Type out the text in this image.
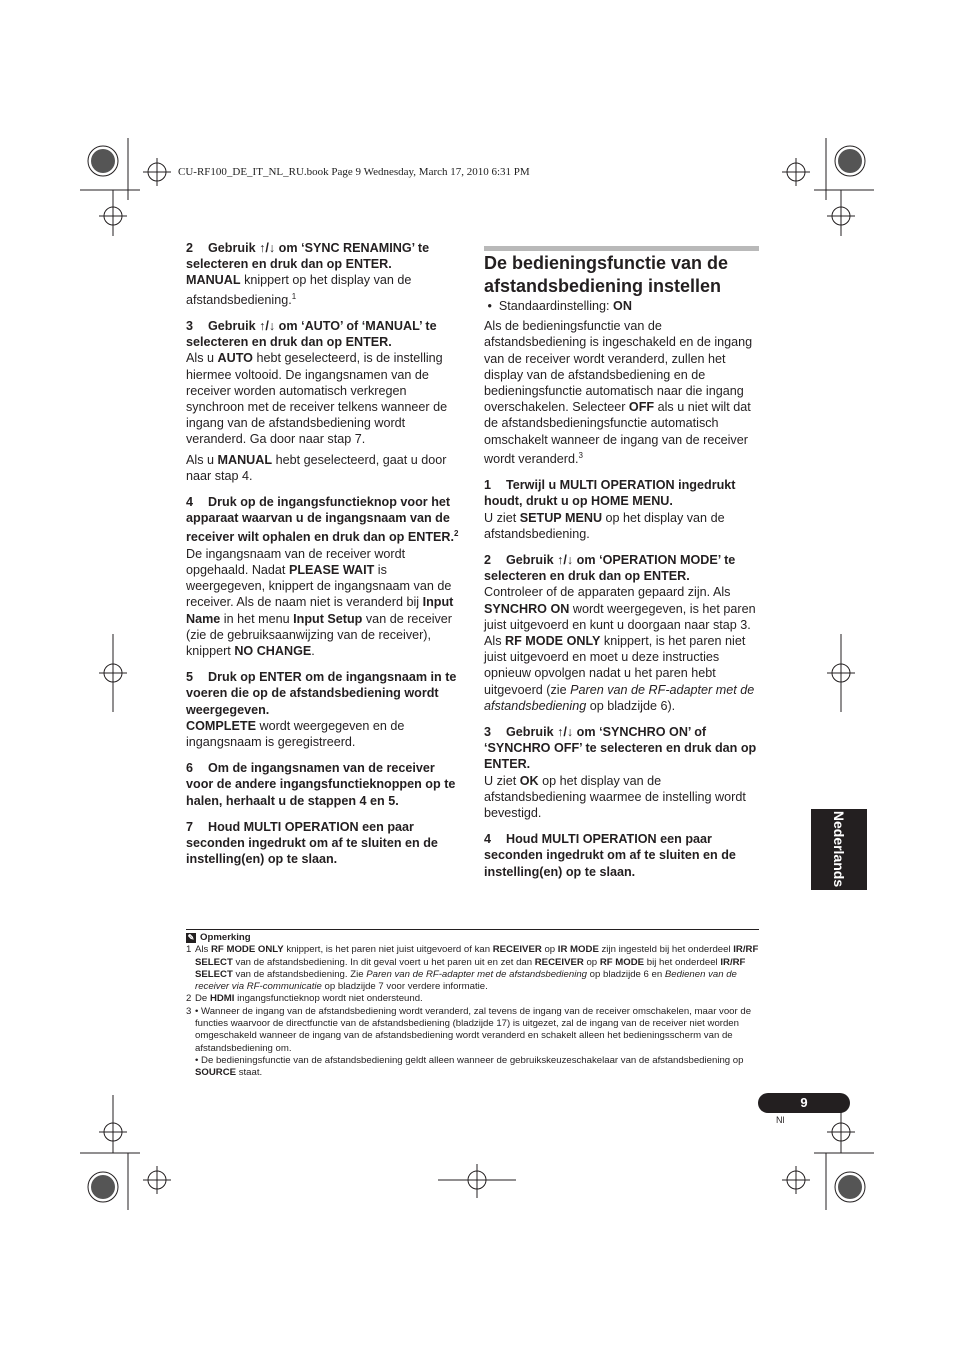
CU-RF100_DE_IT_NL_RU.book Page 9 Wednesday, March 17, 2010 6:31 PM

2 Gebruik ↑/↓ om ‘SYNC RENAMING’ te selecteren en druk dan op ENTER.

MANUAL knippert op het display van de afstandsbediening.$^1$

3 Gebruik ↑/↓ om ‘AUTO’ of ‘MANUAL’ te selecteren en druk dan op ENTER.

Als u AUTO hebt geselecteerd, is de instelling hiermee voltooid. De ingangsnamen van de receiver worden automatisch verkregen synchroon met de receiver telkens wanneer de ingang van de afstandsbediening wordt veranderd. Ga door naar stap 7.

Als u MANUAL hebt geselecteerd, gaat u door naar stap 4.

4 Druk op de ingangsfunctieknop voor het apparaat waarvan u de ingangsnaam van de receiver wilt ophalen en druk dan op ENTER.$^2$

De ingangsnaam van de receiver wordt opgehaald. Nadat PLEASE WAIT is weergegeven, knippert de ingangsnaam van de receiver. Als de naam niet is veranderd bij Input Name in het menu Input Setup van de receiver (zie de gebruiksaanwijzing van de receiver), knippert NO CHANGE.

5 Druk op ENTER om de ingangsnaam in te voeren die op de afstandsbediening wordt weergegeven.

COMPLETE wordt weergegeven en de ingangsnaam is geregistreerd.

6 Om de ingangsnamen van de receiver voor de andere ingangsfunctieknoppen op te halen, herhaalt u de stappen 4 en 5.

7 Houd MULTI OPERATION een paar seconden ingedrukt om af te sluiten en de instelling(en) op te slaan.

De bedieningsfunctie van de afstandsbediening instellen

•  Standaardinstelling: ON

Als de bedieningsfunctie van de afstandsbediening is ingeschakeld en de ingang van de receiver wordt veranderd, zullen het display van de afstandsbediening en de bedieningsfunctie automatisch naar die ingang overschakelen. Selecteer OFF als u niet wilt dat de afstandsbedieningsfunctie automatisch omschakelt wanneer de ingang van de receiver wordt veranderd.$^3$

1 Terwijl u MULTI OPERATION ingedrukt houdt, drukt u op HOME MENU.

U ziet SETUP MENU op het display van de afstandsbediening.

2 Gebruik ↑/↓ om ‘OPERATION MODE’ te selecteren en druk dan op ENTER.

Controleer of de apparaten gepaard zijn. Als SYNCHRO ON wordt weergegeven, is het paren juist uitgevoerd en kunt u doorgaan naar stap 3. Als RF MODE ONLY knippert, is het paren niet juist uitgevoerd en moet u deze instructies opnieuw opvolgen nadat u het paren hebt uitgevoerd (zie Paren van de RF-adapter met de afstandsbediening op bladzijde 6).

3 Gebruik ↑/↓ om ‘SYNCHRO ON’ of ‘SYNCHRO OFF’ te selecteren en druk dan op ENTER.

U ziet OK op het display van de afstandsbediening waarmee de instelling wordt bevestigd.

4 Houd MULTI OPERATION een paar seconden ingedrukt om af te sluiten en de instelling(en) op te slaan.	Nederlands

✎ Opmerking

1 Als RF MODE ONLY knippert, is het paren niet juist uitgevoerd of kan RECEIVER op IR MODE zijn ingesteld bij het onderdeel IR/RF SELECT van de afstandsbediening. In dit geval voert u het paren uit en zet dan RECEIVER op RF MODE bij het onderdeel IR/RF SELECT van de afstandsbediening. Zie Paren van de RF-adapter met de afstandsbediening op bladzijde 6 en Bedienen van de receiver via RF-communicatie op bladzijde 7 voor verdere informatie.

2 De HDMI ingangsfunctieknop wordt niet ondersteund.

3 • Wanneer de ingang van de afstandsbediening wordt veranderd, zal tevens de ingang van de receiver omschakelen, maar voor de functies waarvoor de directfunctie van de afstandsbediening (bladzijde 17) is uitgezet, zal de ingang van de receiver niet worden omgeschakeld wanneer de ingang van de afstandsbediening wordt veranderd en schakelt alleen het bedieningsscherm van de afstandsbediening om.

• De bedieningsfunctie van de afstandsbediening geldt alleen wanneer de gebruikskeuzeschakelaar van de afstandsbediening op SOURCE staat.

9
Nl
